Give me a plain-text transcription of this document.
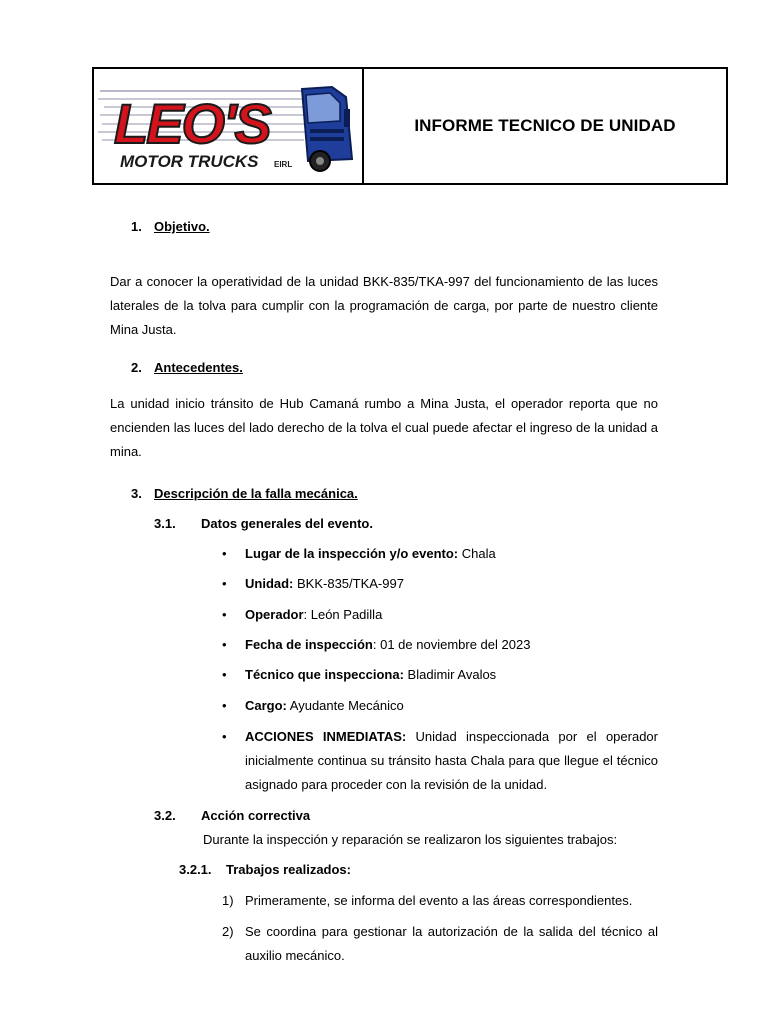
LEO'S
MOTOR TRUCKS EIRL
INFORME TECNICO DE UNIDAD
1. Objetivo.

Dar a conocer la operatividad de la unidad BKK-835/TKA-997 del funcionamiento de las luces laterales de la tolva para cumplir con la programación de carga, por parte de nuestro cliente Mina Justa.

2. Antecedentes.

La unidad inicio tránsito de Hub Camaná rumbo a Mina Justa, el operador reporta que no encienden las luces del lado derecho de la tolva el cual puede afectar el ingreso de la unidad a mina.

3. Descripción de la falla mecánica.
3.1. Datos generales del evento.
• Lugar de la inspección y/o evento: Chala
• Unidad: BKK-835/TKA-997
• Operador: León Padilla
• Fecha de inspección: 01 de noviembre del 2023
• Técnico que inspecciona: Bladimir Avalos
• Cargo: Ayudante Mecánico
• ACCIONES INMEDIATAS: Unidad inspeccionada por el operador inicialmente continua su tránsito hasta Chala para que llegue el técnico asignado para proceder con la revisión de la unidad.
3.2. Acción correctiva
Durante la inspección y reparación se realizaron los siguientes trabajos:
3.2.1. Trabajos realizados:
1) Primeramente, se informa del evento a las áreas correspondientes.
2) Se coordina para gestionar la autorización de la salida del técnico al auxilio mecánico.
